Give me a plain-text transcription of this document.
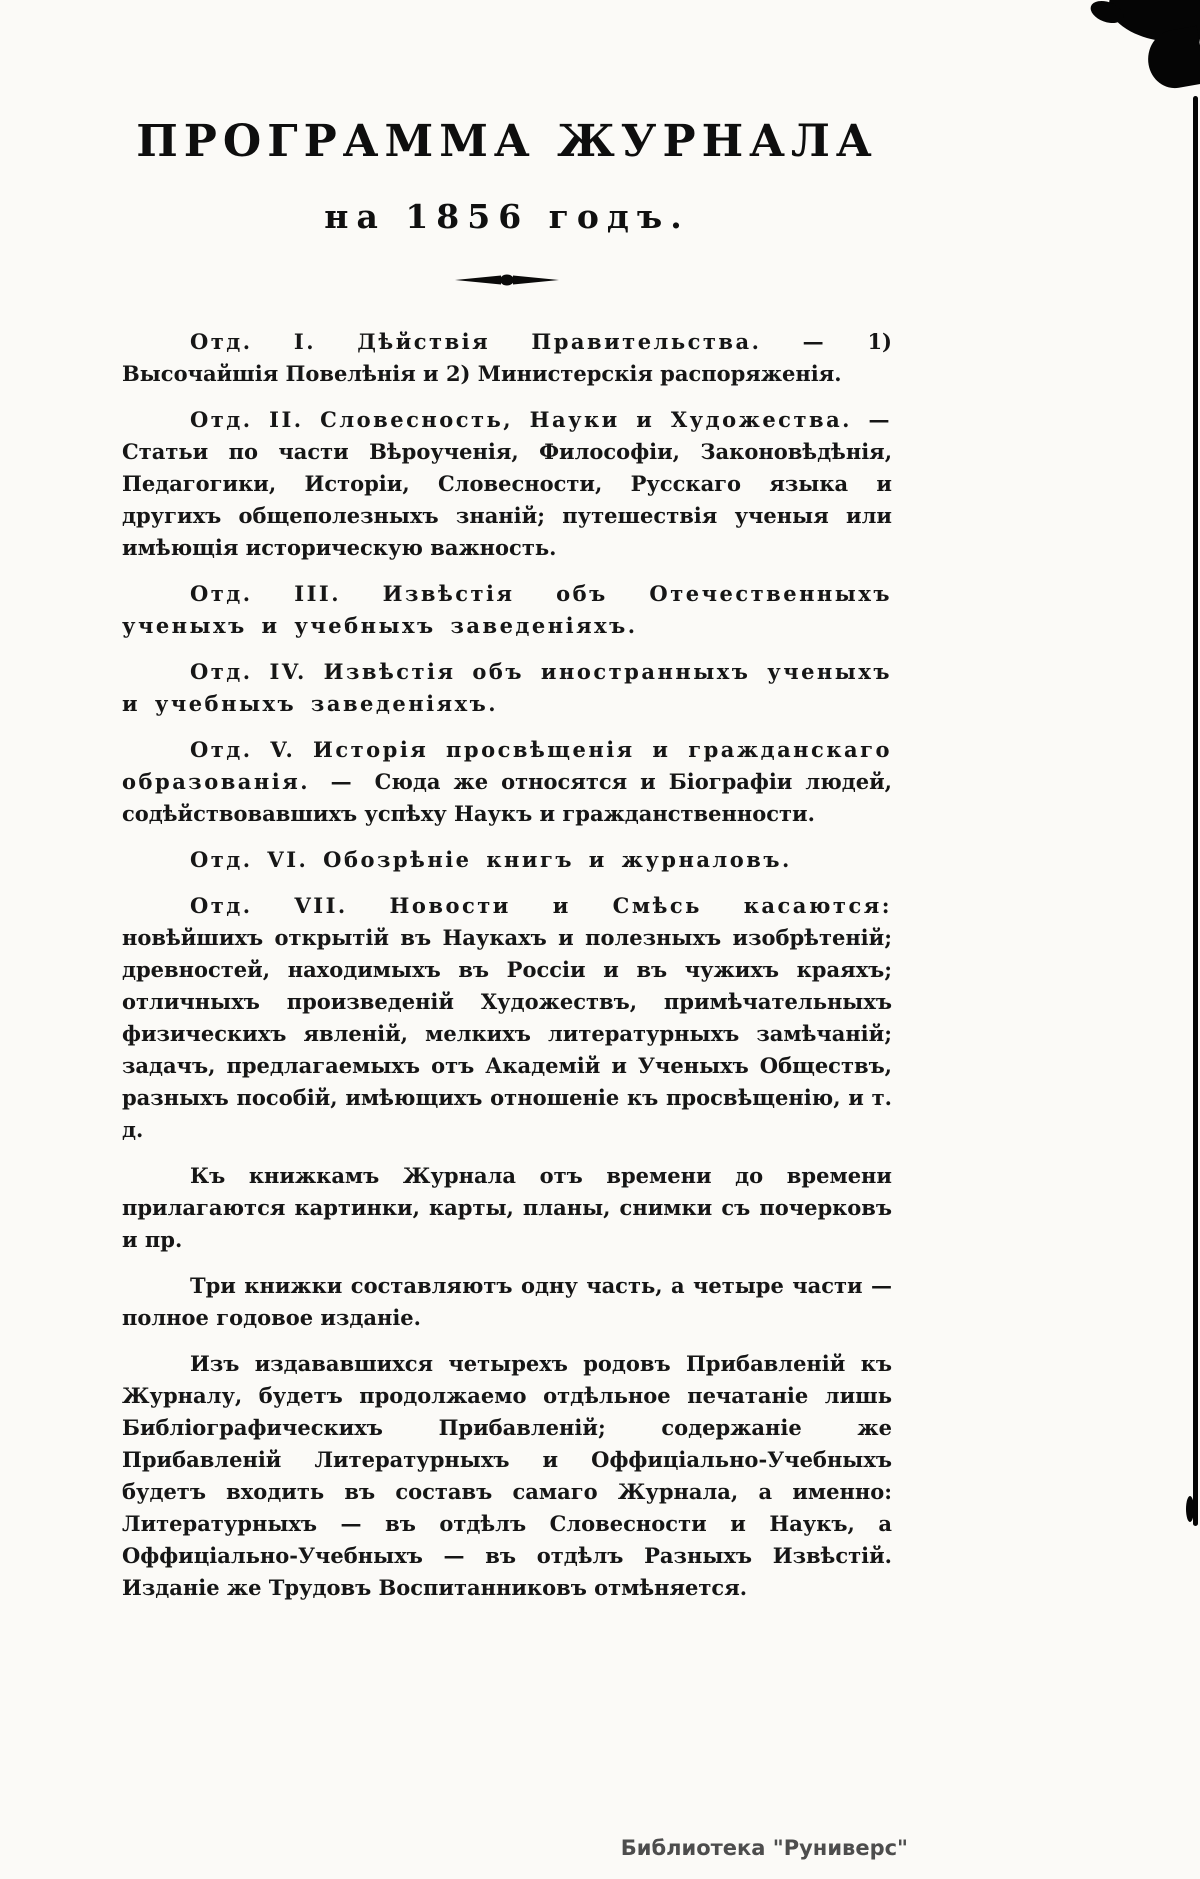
ПРОГРАММА ЖУРНАЛА
на 1856 годъ.

Отд. I. Дѣйствія Правительства. — 1) Высочайшія Повелѣнія и 2) Министерскія распоряженія.

Отд. II. Словесность, Науки и Художества. — Статьи по части Вѣроученія, Философіи, Законовѣдѣнія, Педагогики, Исторіи, Словесности, Русскаго языка и другихъ общеполезныхъ знаній; путешествія ученыя или имѣющія историческую важность.

Отд. III. Извѣстія объ Отечественныхъ ученыхъ и учебныхъ заведеніяхъ.

Отд. IV. Извѣстія объ иностранныхъ ученыхъ и учебныхъ заведеніяхъ.

Отд. V. Исторія просвѣщенія и гражданскаго образованія. — Сюда же относятся и Біографіи людей, содѣйствовавшихъ успѣху Наукъ и гражданственности.

Отд. VI. Обозрѣніе книгъ и журналовъ.

Отд. VII. Новости и Смѣсь касаются: новѣйшихъ открытій въ Наукахъ и полезныхъ изобрѣтеній; древностей, находимыхъ въ Россіи и въ чужихъ краяхъ; отличныхъ произведеній Художествъ, примѣчательныхъ физическихъ явленій, мелкихъ литературныхъ замѣчаній; задачъ, предлагаемыхъ отъ Академій и Ученыхъ Обществъ, разныхъ пособій, имѣющихъ отношеніе къ просвѣщенію, и т. д.

Къ книжкамъ Журнала отъ времени до времени прилагаются картинки, карты, планы, снимки съ почерковъ и пр.

Три книжки составляютъ одну часть, а четыре части — полное годовое изданіе.

Изъ издававшихся четырехъ родовъ Прибавленій къ Журналу, будетъ продолжаемо отдѣльное печатаніе лишь Библіографическихъ Прибавленій; содержаніе же Прибавленій Литературныхъ и Оффиціально-Учебныхъ будетъ входить въ составъ самаго Журнала, а именно: Литературныхъ — въ отдѣлъ Словесности и Наукъ, а Оффиціально-Учебныхъ — въ отдѣлъ Разныхъ Извѣстій. Изданіе же Трудовъ Воспитанниковъ отмѣняется.

Библиотека "Руниверс"
